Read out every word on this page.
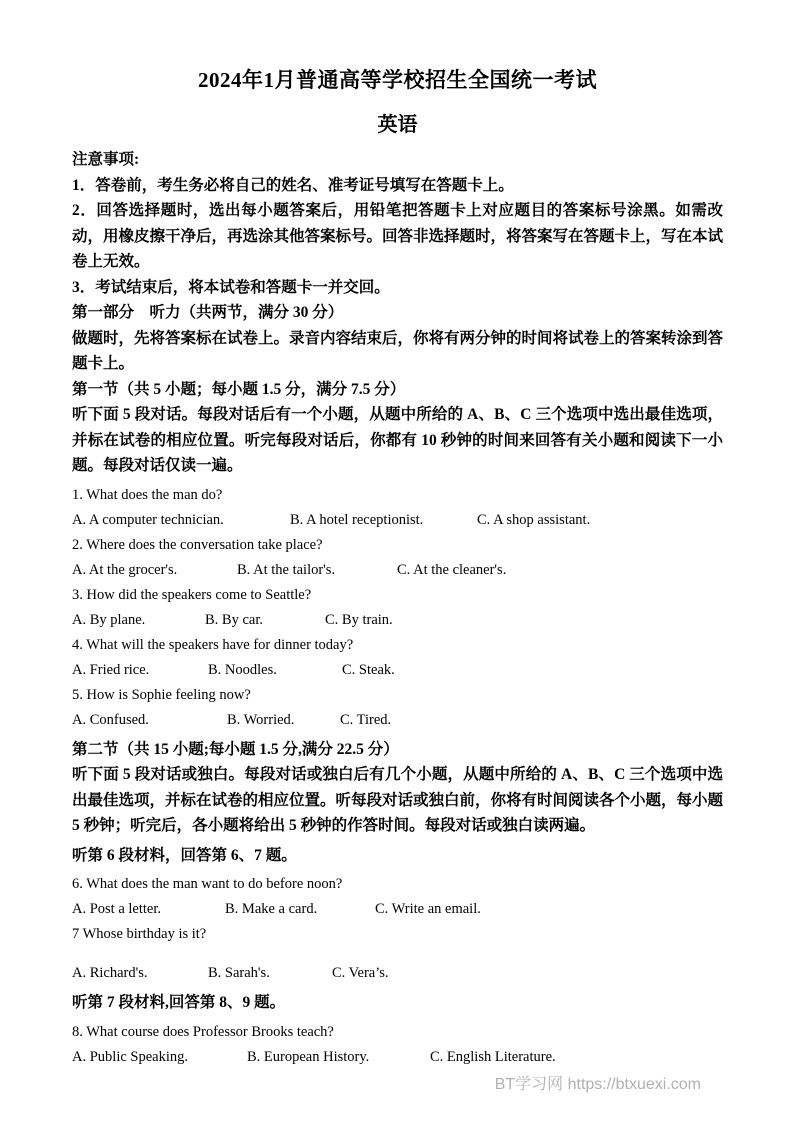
2024年1月普通高等学校招生全国统一考试
英语
注意事项:
1．答卷前，考生务必将自己的姓名、准考证号填写在答题卡上。
2．回答选择题时，选出每小题答案后，用铅笔把答题卡上对应题目的答案标号涂黑。如需改动，用橡皮擦干净后，再选涂其他答案标号。回答非选择题时，将答案写在答题卡上，写在本试卷上无效。
3．考试结束后，将本试卷和答题卡一并交回。
第一部分　听力（共两节，满分 30 分）
做题时，先将答案标在试卷上。录音内容结束后，你将有两分钟的时间将试卷上的答案转涂到答题卡上。
第一节（共 5 小题；每小题 1.5 分，满分 7.5 分）
听下面 5 段对话。每段对话后有一个小题，从题中所给的 A、B、C 三个选项中选出最佳选项，并标在试卷的相应位置。听完每段对话后，你都有 10 秒钟的时间来回答有关小题和阅读下一小题。每段对话仅读一遍。
1. What does the man do?
A. A computer technician.	B. A hotel receptionist.	C. A shop assistant.
2. Where does the conversation take place?
A. At the grocer's.	B. At the tailor's.	C. At the cleaner's.
3. How did the speakers come to Seattle?
A. By plane.	B. By car.	C. By train.
4. What will the speakers have for dinner today?
A. Fried rice.	B. Noodles.	C. Steak.
5. How is Sophie feeling now?
A. Confused.	B. Worried.	C. Tired.
第二节（共 15 小题;每小题 1.5 分,满分 22.5 分）
听下面 5 段对话或独白。每段对话或独白后有几个小题，从题中所给的 A、B、C 三个选项中选出最佳选项，并标在试卷的相应位置。听每段对话或独白前，你将有时间阅读各个小题，每小题 5 秒钟；听完后，各小题将给出 5 秒钟的作答时间。每段对话或独白读两遍。
听第 6 段材料，回答第 6、7 题。
6. What does the man want to do before noon?
A. Post a letter.	B. Make a card.	C. Write an email.
7 Whose birthday is it?
A. Richard's.	B. Sarah's.	C. Vera’s.
听第 7 段材料,回答第 8、9 题。
8. What course does Professor Brooks teach?
A. Public Speaking.	B. European History.	C. English Literature.
BT学习网 https://btxuexi.com
